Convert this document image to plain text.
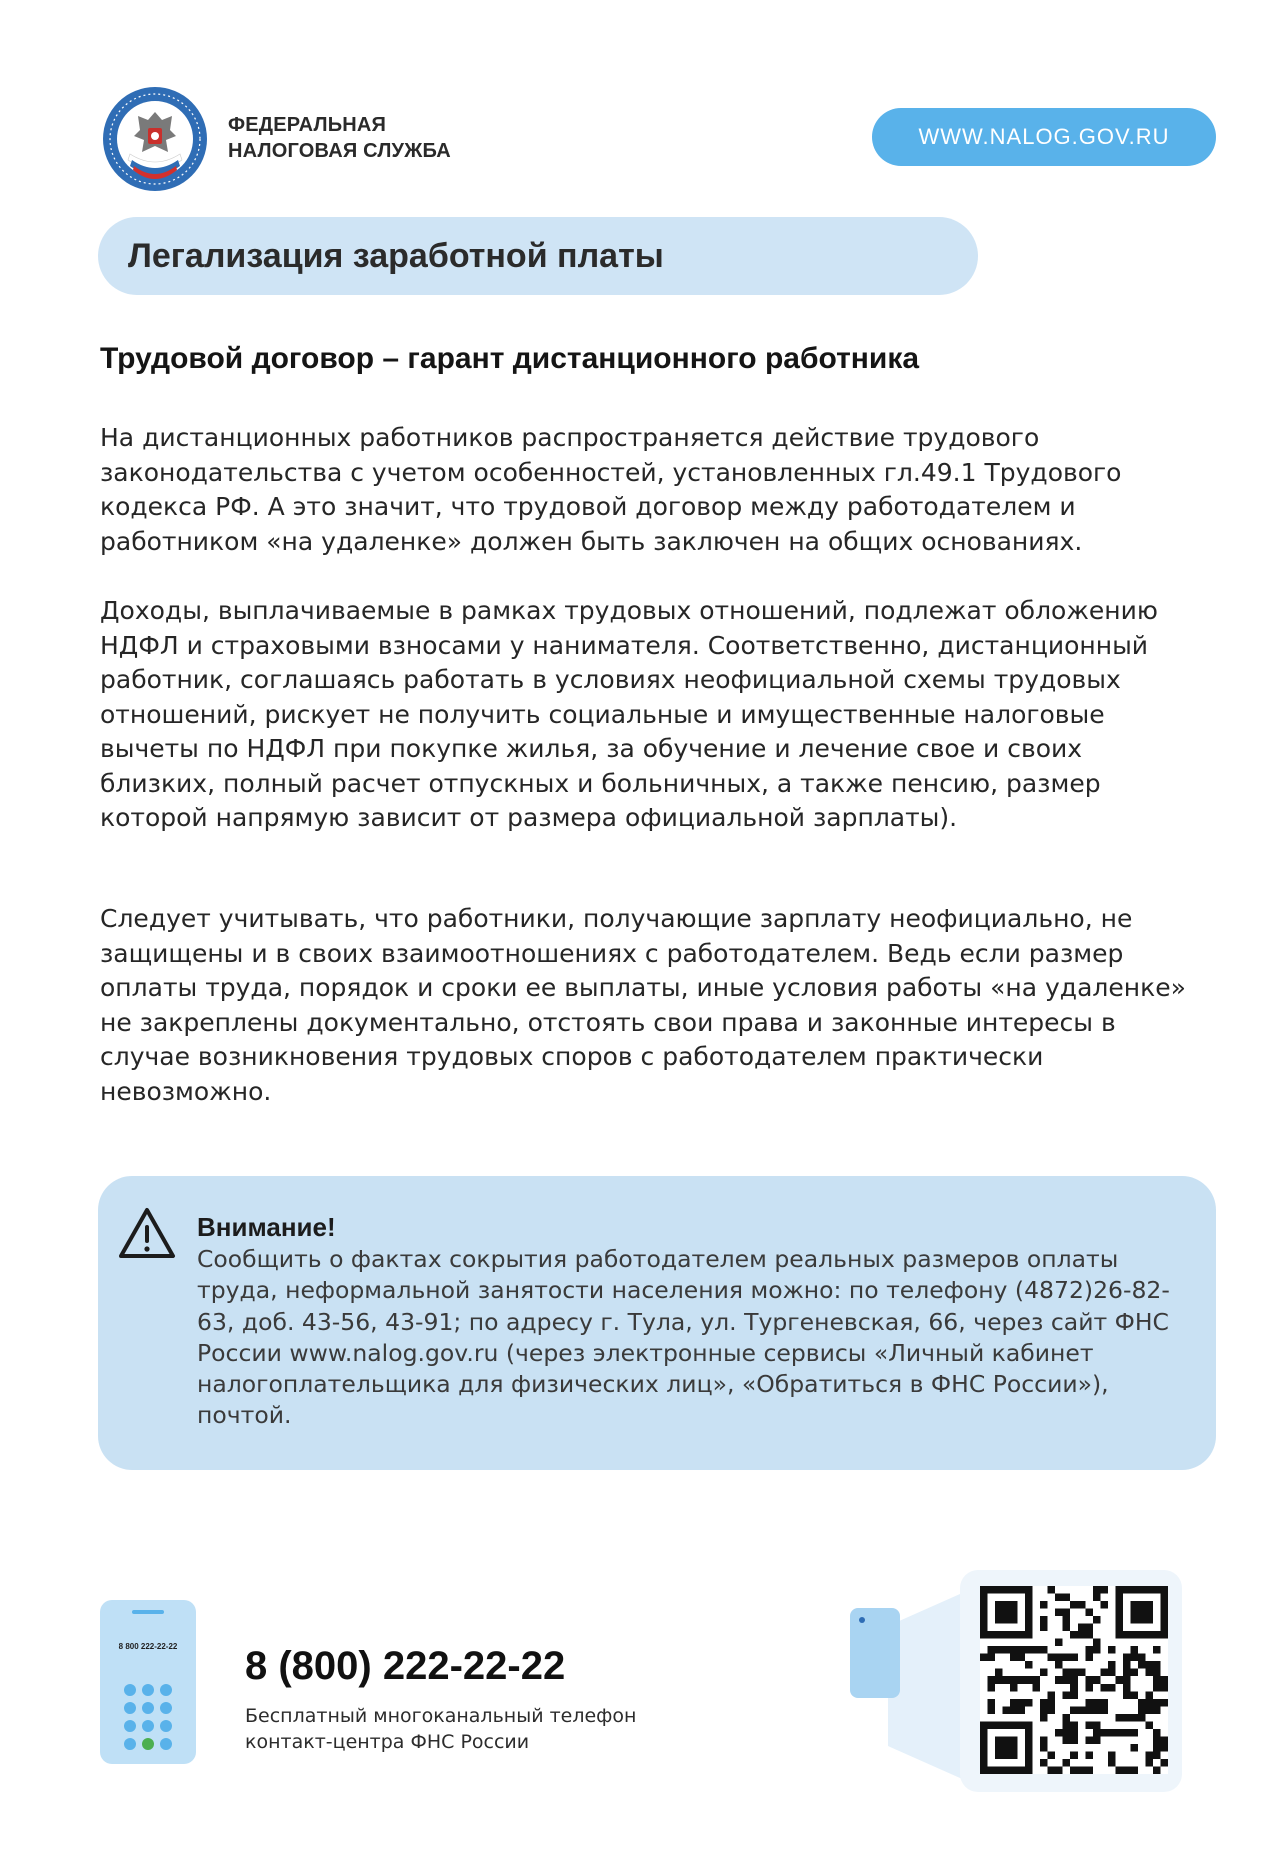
ФЕДЕРАЛЬНАЯ
НАЛОГОВАЯ СЛУЖБА
WWW.NALOG.GOV.RU
Легализация заработной платы
Трудовой договор – гарант дистанционного работника

На дистанционных работников распространяется действие трудового законодательства с учетом особенностей, установленных гл.49.1 Трудового кодекса РФ. А это значит, что трудовой договор между работодателем и работником «на удаленке» должен быть заключен на общих основаниях.

Доходы, выплачиваемые в рамках трудовых отношений, подлежат обложению НДФЛ и страховыми взносами у нанимателя. Соответственно, дистанционный работник, соглашаясь работать в условиях неофициальной схемы трудовых отношений, рискует не получить социальные и имущественные налоговые вычеты по НДФЛ при покупке жилья, за обучение и лечение свое и своих близких, полный расчет отпускных и больничных, а также пенсию, размер которой напрямую зависит от размера официальной зарплаты).

Следует учитывать, что работники, получающие зарплату неофициально, не защищены и в своих взаимоотношениях с работодателем. Ведь если размер оплаты труда, порядок и сроки ее выплаты, иные условия работы «на удаленке» не закреплены документально, отстоять свои права и законные интересы в случае возникновения трудовых споров с работодателем практически невозможно.

Внимание!

Сообщить о фактах сокрытия работодателем реальных размеров оплаты труда, неформальной занятости населения можно: по телефону (4872)26-82-63, доб. 43-56, 43-91; по адресу г. Тула, ул. Тургеневская, 66, через сайт ФНС России www.nalog.gov.ru (через электронные сервисы «Личный кабинет налогоплательщика для физических лиц», «Обратиться в ФНС России»), почтой.

8 800 222-22-22 8 (800) 222-22-22

Бесплатный многоканальный телефон контакт-центра ФНС России
